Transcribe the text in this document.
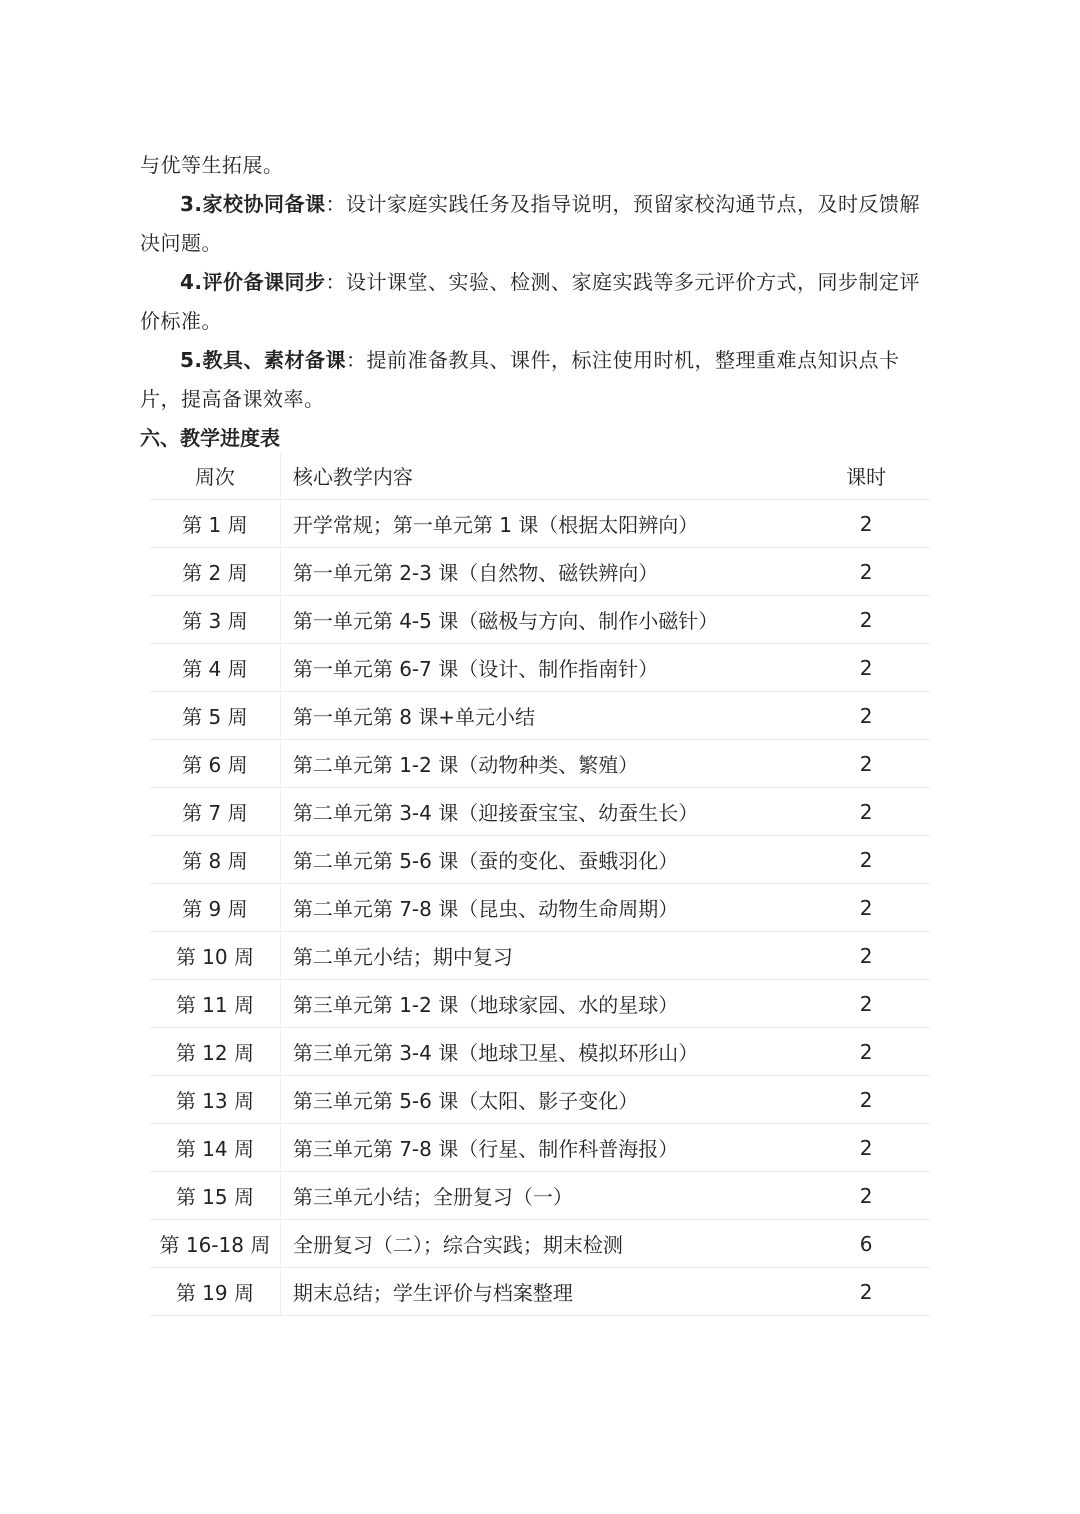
与优等生拓展。
3.家校协同备课：设计家庭实践任务及指导说明，预留家校沟通节点，及时反馈解决问题。
4.评价备课同步：设计课堂、实验、检测、家庭实践等多元评价方式，同步制定评价标准。
5.教具、素材备课：提前准备教具、课件，标注使用时机，整理重难点知识点卡片，提高备课效率。
六、教学进度表
周次	核心教学内容	课时
第 1 周	开学常规；第一单元第 1 课（根据太阳辨向）	2
第 2 周	第一单元第 2-3 课（自然物、磁铁辨向）	2
第 3 周	第一单元第 4-5 课（磁极与方向、制作小磁针）	2
第 4 周	第一单元第 6-7 课（设计、制作指南针）	2
第 5 周	第一单元第 8 课+单元小结	2
第 6 周	第二单元第 1-2 课（动物种类、繁殖）	2
第 7 周	第二单元第 3-4 课（迎接蚕宝宝、幼蚕生长）	2
第 8 周	第二单元第 5-6 课（蚕的变化、蚕蛾羽化）	2
第 9 周	第二单元第 7-8 课（昆虫、动物生命周期）	2
第 10 周	第二单元小结；期中复习	2
第 11 周	第三单元第 1-2 课（地球家园、水的星球）	2
第 12 周	第三单元第 3-4 课（地球卫星、模拟环形山）	2
第 13 周	第三单元第 5-6 课（太阳、影子变化）	2
第 14 周	第三单元第 7-8 课（行星、制作科普海报）	2
第 15 周	第三单元小结；全册复习（一）	2
第 16-18 周	全册复习（二）；综合实践；期末检测	6
第 19 周	期末总结；学生评价与档案整理	2
